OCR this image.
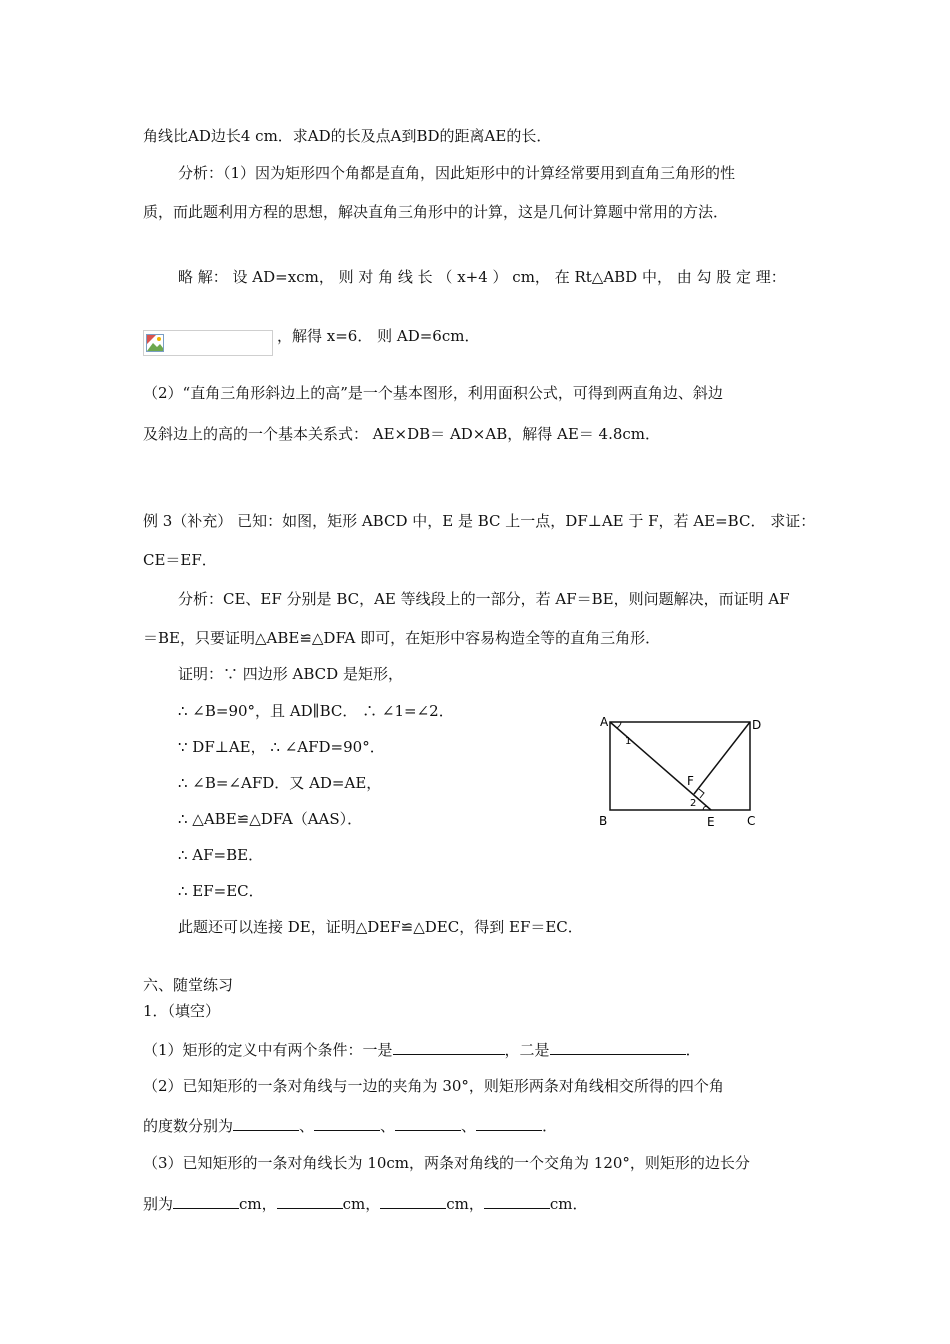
角线比AD边长4 cm．求AD的长及点A到BD的距离AE的长．
分析：（1）因为矩形四个角都是直角，因此矩形中的计算经常要用到直角三角形的性
质，而此题利用方程的思想，解决直角三角形中的计算，这是几何计算题中常用的方法．
略 解： 设 AD=xcm， 则 对 角 线 长 （ x+4 ） cm， 在 Rt△ABD 中， 由 勾 股 定 理：
，解得 x=6． 则 AD=6cm．
（2）“直角三角形斜边上的高”是一个基本图形，利用面积公式，可得到两直角边、斜边
及斜边上的高的一个基本关系式： AE×DB＝ AD×AB，解得 AE＝ 4.8cm．
例 3（补充） 已知：如图，矩形 ABCD 中，E 是 BC 上一点，DF⊥AE 于 F，若 AE=BC． 求证：
CE＝EF．
分析：CE、EF 分别是 BC，AE 等线段上的一部分，若 AF＝BE，则问题解决，而证明 AF
＝BE，只要证明△ABE≌△DFA 即可，在矩形中容易构造全等的直角三角形．
证明：∵ 四边形 ABCD 是矩形，
∴ ∠B=90°，且 AD∥BC． ∴ ∠1=∠2．
∵ DF⊥AE， ∴ ∠AFD=90°．
∴ ∠B=∠AFD．又 AD=AE，
∴ △ABE≌△DFA（AAS）．
∴ AF=BE．
∴ EF=EC．
此题还可以连接 DE，证明△DEF≌△DEC，得到 EF＝EC．
A	D
B	C
E
F
1
2
六、随堂练习
1．（填空）
（1）矩形的定义中有两个条件：一是	，二是	．
（2）已知矩形的一条对角线与一边的夹角为 30°，则矩形两条对角线相交所得的四个角
的度数分别为	、	、	、	．
（3）已知矩形的一条对角线长为 10cm，两条对角线的一个交角为 120°，则矩形的边长分
别为	cm，	cm，	cm，	cm．
